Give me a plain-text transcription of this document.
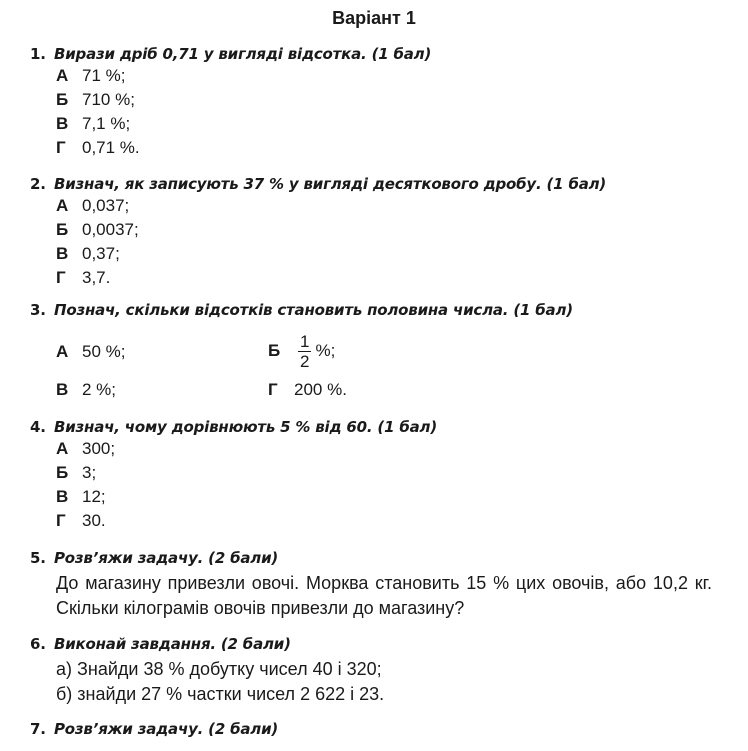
Варіант 1
1. Вирази дріб 0,71 у вигляді відсотка. (1 бал)
А 71 %;
Б 710 %;
В 7,1 %;
Г 0,71 %.
2. Визнач, як записують 37 % у вигляді десяткового дробу. (1 бал)
А 0,037;
Б 0,0037;
В 0,37;
Г 3,7.
3. Познач, скільки відсотків становить половина числа. (1 бал)
А 50 %;	Б $\frac{1}{2}$ %;
В 2 %;	Г 200 %.
4. Визнач, чому дорівнюють 5 % від 60. (1 бал)
А 300;
Б 3;
В 12;
Г 30.
5. Розв’яжи задачу. (2 бали)
До магазину привезли овочі. Морква становить 15 % цих овочів, або 10,2 кг. Скільки кілограмів овочів привезли до магазину?
6. Виконай завдання. (2 бали)
а) Знайди 38 % добутку чисел 40 і 320;
б) знайди 27 % частки чисел 2 622 і 23.
7. Розв’яжи задачу. (2 бали)
